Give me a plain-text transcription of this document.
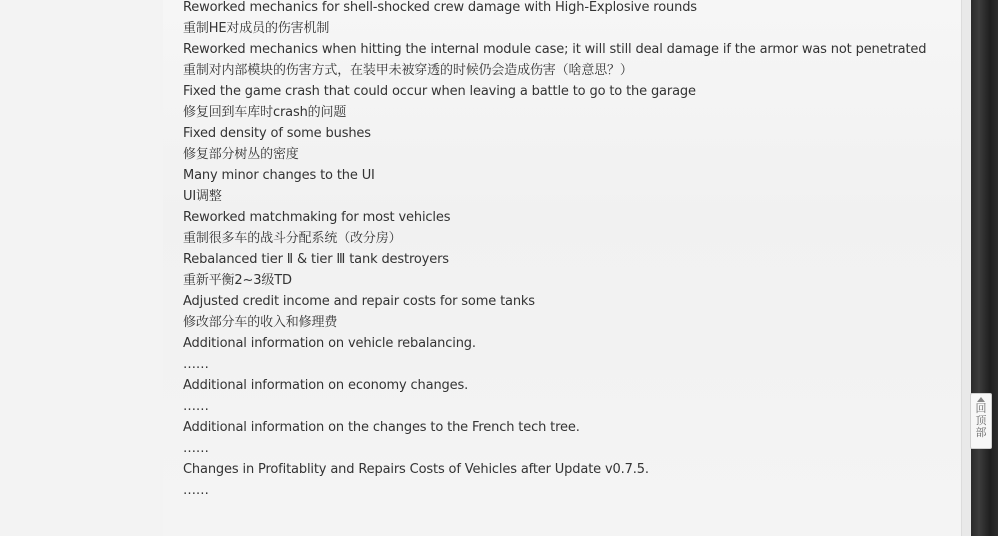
Reworked mechanics for shell-shocked crew damage with High-Explosive rounds
重制HE对成员的伤害机制
Reworked mechanics when hitting the internal module case; it will still deal damage if the armor was not penetrated
重制对内部模块的伤害方式，在装甲未被穿透的时候仍会造成伤害（啥意思？）
Fixed the game crash that could occur when leaving a battle to go to the garage
修复回到车库时crash的问题
Fixed density of some bushes
修复部分树丛的密度
Many minor changes to the UI
UI调整
Reworked matchmaking for most vehicles
重制很多车的战斗分配系统（改分房）
Rebalanced tier Ⅱ & tier Ⅲ tank destroyers
重新平衡2~3级TD
Adjusted credit income and repair costs for some tanks
修改部分车的收入和修理费
Additional information on vehicle rebalancing.
……
Additional information on economy changes.
……
Additional information on the changes to the French tech tree.
……
Changes in Profitablity and Repairs Costs of Vehicles after Update v0.7.5.
……
回顶部
